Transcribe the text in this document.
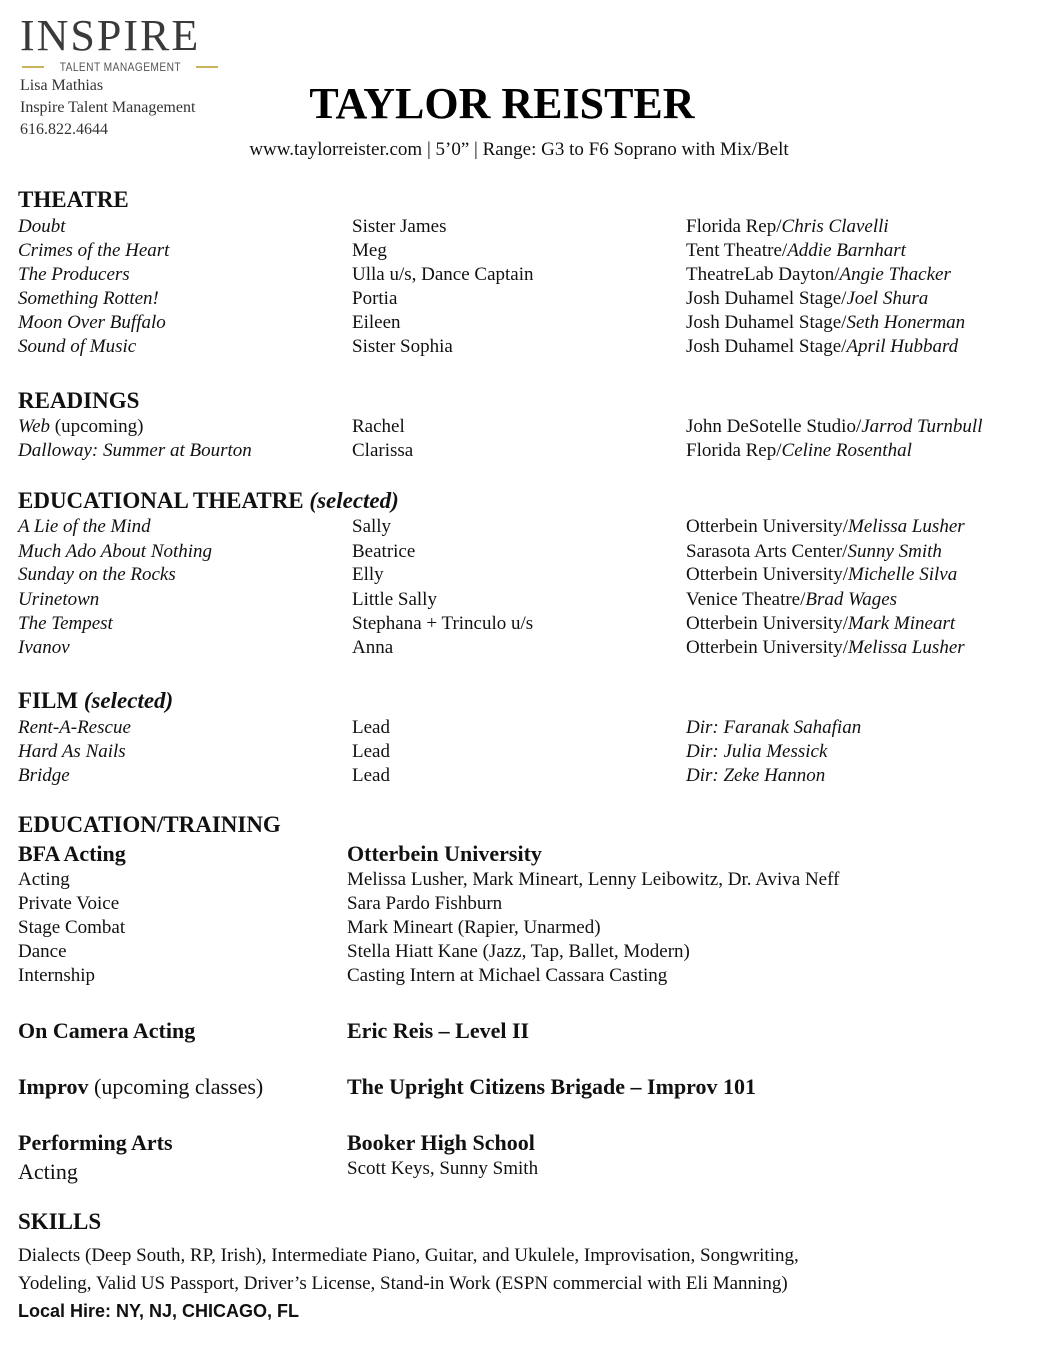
INSPIRE
TALENT MANAGEMENT
Lisa Mathias
Inspire Talent Management
616.822.4644
TAYLOR REISTER
www.taylorreister.com | 5’0” | Range: G3 to F6 Soprano with Mix/Belt
THEATRE
Doubt	Sister James	Florida Rep/Chris Clavelli
Crimes of the Heart	Meg	Tent Theatre/Addie Barnhart
The Producers	Ulla u/s, Dance Captain	TheatreLab Dayton/Angie Thacker
Something Rotten!	Portia	Josh Duhamel Stage/Joel Shura
Moon Over Buffalo	Eileen	Josh Duhamel Stage/Seth Honerman
Sound of Music	Sister Sophia	Josh Duhamel Stage/April Hubbard
READINGS
Web (upcoming)	Rachel	John DeSotelle Studio/Jarrod Turnbull
Dalloway: Summer at Bourton	Clarissa	Florida Rep/Celine Rosenthal
EDUCATIONAL THEATRE (selected)
A Lie of the Mind	Sally	Otterbein University/Melissa Lusher
Much Ado About Nothing	Beatrice	Sarasota Arts Center/Sunny Smith
Sunday on the Rocks	Elly	Otterbein University/Michelle Silva
Urinetown	Little Sally	Venice Theatre/Brad Wages
The Tempest	Stephana + Trinculo u/s	Otterbein University/Mark Mineart
Ivanov	Anna	Otterbein University/Melissa Lusher
FILM (selected)
Rent-A-Rescue	Lead	Dir: Faranak Sahafian
Hard As Nails	Lead	Dir: Julia Messick
Bridge	Lead	Dir: Zeke Hannon
EDUCATION/TRAINING
BFA Acting	Otterbein University
Acting	Melissa Lusher, Mark Mineart, Lenny Leibowitz, Dr. Aviva Neff
Private Voice	Sara Pardo Fishburn
Stage Combat	Mark Mineart (Rapier, Unarmed)
Dance	Stella Hiatt Kane (Jazz, Tap, Ballet, Modern)
Internship	Casting Intern at Michael Cassara Casting
On Camera Acting	Eric Reis – Level II
Improv (upcoming classes)	The Upright Citizens Brigade – Improv 101
Performing Arts	Booker High School
Acting	Scott Keys, Sunny Smith
SKILLS
Dialects (Deep South, RP, Irish), Intermediate Piano, Guitar, and Ukulele, Improvisation, Songwriting,
Yodeling, Valid US Passport, Driver’s License, Stand-in Work (ESPN commercial with Eli Manning)
Local Hire: NY, NJ, CHICAGO, FL
